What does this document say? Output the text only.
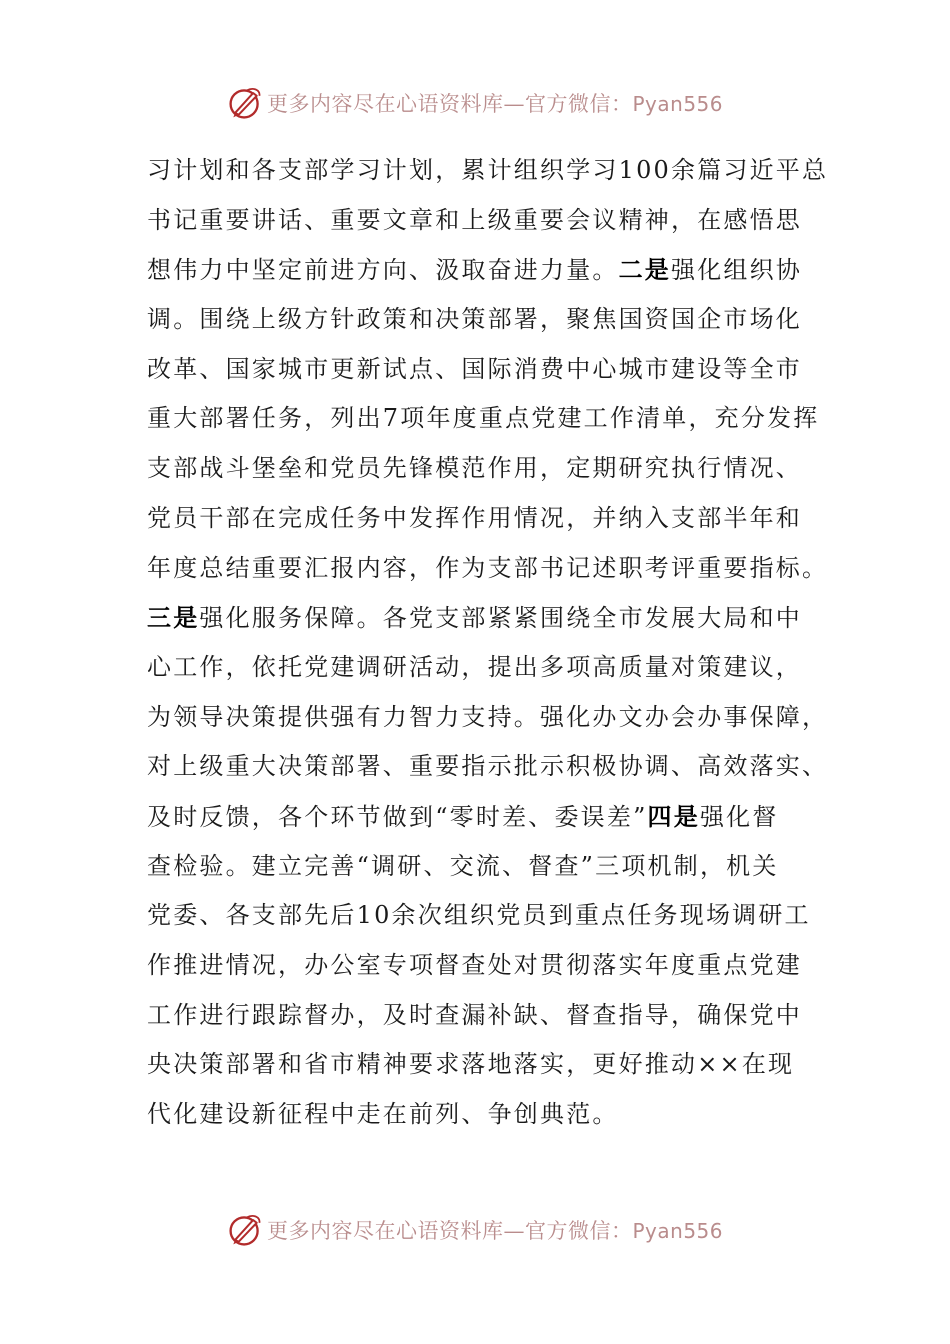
更多内容尽在心语资料库—官方微信：Pyan556
习计划和各支部学习计划，累计组织学习100余篇习近平总
书记重要讲话、重要文章和上级重要会议精神，在感悟思
想伟力中坚定前进方向、汲取奋进力量。二是强化组织协
调。围绕上级方针政策和决策部署，聚焦国资国企市场化
改革、国家城市更新试点、国际消费中心城市建设等全市
重大部署任务，列出7项年度重点党建工作清单，充分发挥
支部战斗堡垒和党员先锋模范作用，定期研究执行情况、
党员干部在完成任务中发挥作用情况，并纳入支部半年和
年度总结重要汇报内容，作为支部书记述职考评重要指标。
三是强化服务保障。各党支部紧紧围绕全市发展大局和中
心工作，依托党建调研活动，提出多项高质量对策建议，
为领导决策提供强有力智力支持。强化办文办会办事保障，
对上级重大决策部署、重要指示批示积极协调、高效落实、
及时反馈，各个环节做到“零时差、委误差”四是强化督
查检验。建立完善“调研、交流、督查”三项机制，机关
党委、各支部先后10余次组织党员到重点任务现场调研工
作推进情况，办公室专项督查处对贯彻落实年度重点党建
工作进行跟踪督办，及时查漏补缺、督查指导，确保党中
央决策部署和省市精神要求落地落实，更好推动××在现
代化建设新征程中走在前列、争创典范。
更多内容尽在心语资料库—官方微信：Pyan556
